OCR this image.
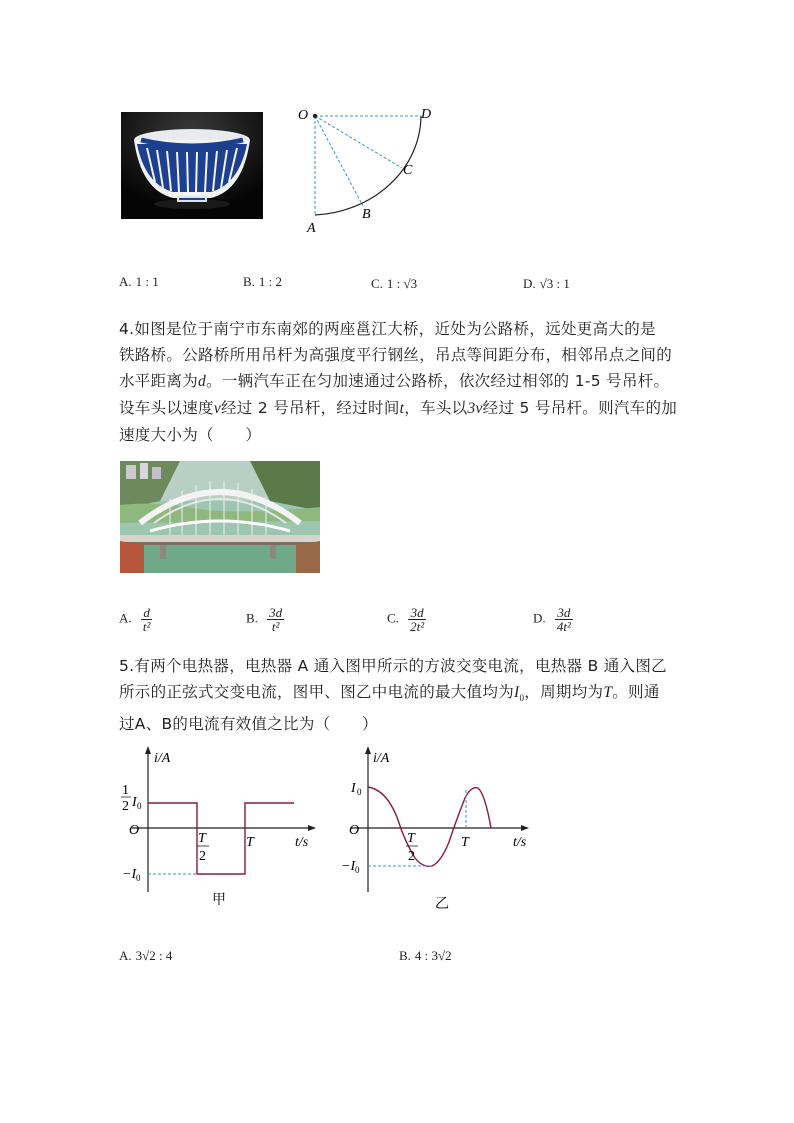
O	D
C
B
A
A. 1 : 1	B. 1 : 2	C. 1 : √3	D. √3 : 1
4.如图是位于南宁市东南郊的两座邕江大桥，近处为公路桥，远处更高大的是
铁路桥。公路桥所用吊杆为高强度平行钢丝，吊点等间距分布，相邻吊点之间的
水平距离为d。一辆汽车正在匀加速通过公路桥，依次经过相邻的 1-5 号吊杆。
设车头以速度v经过 2 号吊杆，经过时间t，车头以3v经过 5 号吊杆。则汽车的加
速度大小为（　　）
A. $\frac{d}{\text{t²}}$	B. $\frac{3d}{\text{t²}}$	C. $\frac{3d}{\text{2t²}}$	D. $\frac{3d}{\text{4t²}}$
5.有两个电热器，电热器 A 通入图甲所示的方波交变电流，电热器 B 通入图乙
所示的正弦式交变电流，图甲、图乙中电流的最大值均为$I_0$，周期均为T。则通
过A、B的电流有效值之比为（　　）
i/A
t/s
O
1
2 I 0
−I 0
T
2
T
甲
i/A
t/s
O
I 0
−I 0
T
2
T
乙
A. 3√2 : 4	B. 4 : 3√2
